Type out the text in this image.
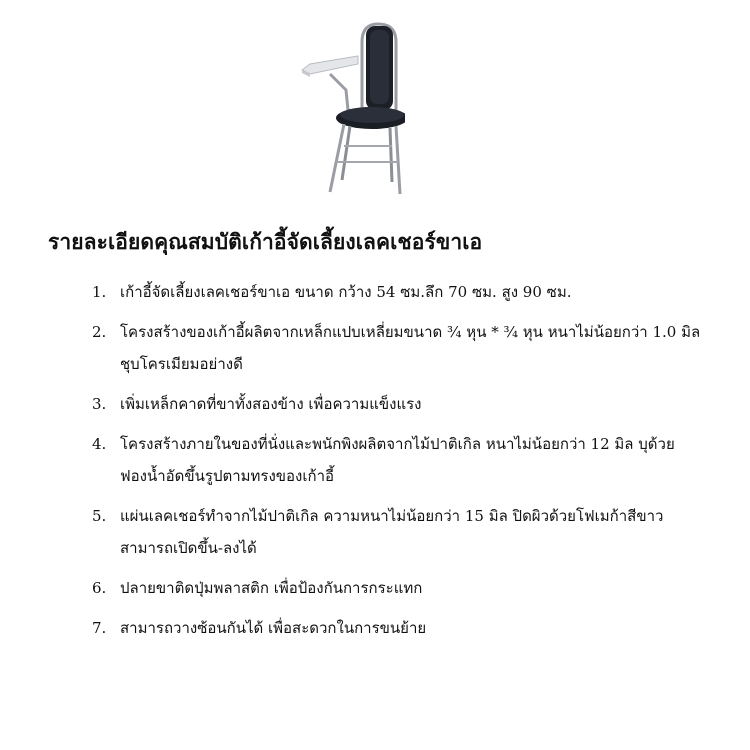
รายละเอียดคุณสมบัติเก้าอี้จัดเลี้ยงเลคเชอร์ขาเอ
1. เก้าอี้จัดเลี้ยงเลคเชอร์ขาเอ ขนาด กว้าง 54 ซม.ลึก 70 ซม. สูง 90 ซม.
2. โครงสร้างของเก้าอี้ผลิตจากเหล็กแปบเหลี่ยมขนาด ¾ หุน * ¾ หุน หนาไม่น้อยกว่า 1.0 มิล ชุบโครเมียมอย่างดี
3. เพิ่มเหล็กคาดที่ขาทั้งสองข้าง เพื่อความแข็งแรง
4. โครงสร้างภายในของที่นั่งและพนักพิงผลิตจากไม้ปาติเกิล หนาไม่น้อยกว่า 12 มิล บุด้วยฟองน้ำอัดขึ้นรูปตามทรงของเก้าอี้
5. แผ่นเลคเชอร์ทำจากไม้ปาติเกิล ความหนาไม่น้อยกว่า 15 มิล ปิดผิวด้วยโฟเมก้าสีขาว สามารถเปิดขึ้น-ลงได้
6. ปลายขาติดปุ่มพลาสติก เพื่อป้องกันการกระแทก
7. สามารถวางซ้อนกันได้ เพื่อสะดวกในการขนย้าย
